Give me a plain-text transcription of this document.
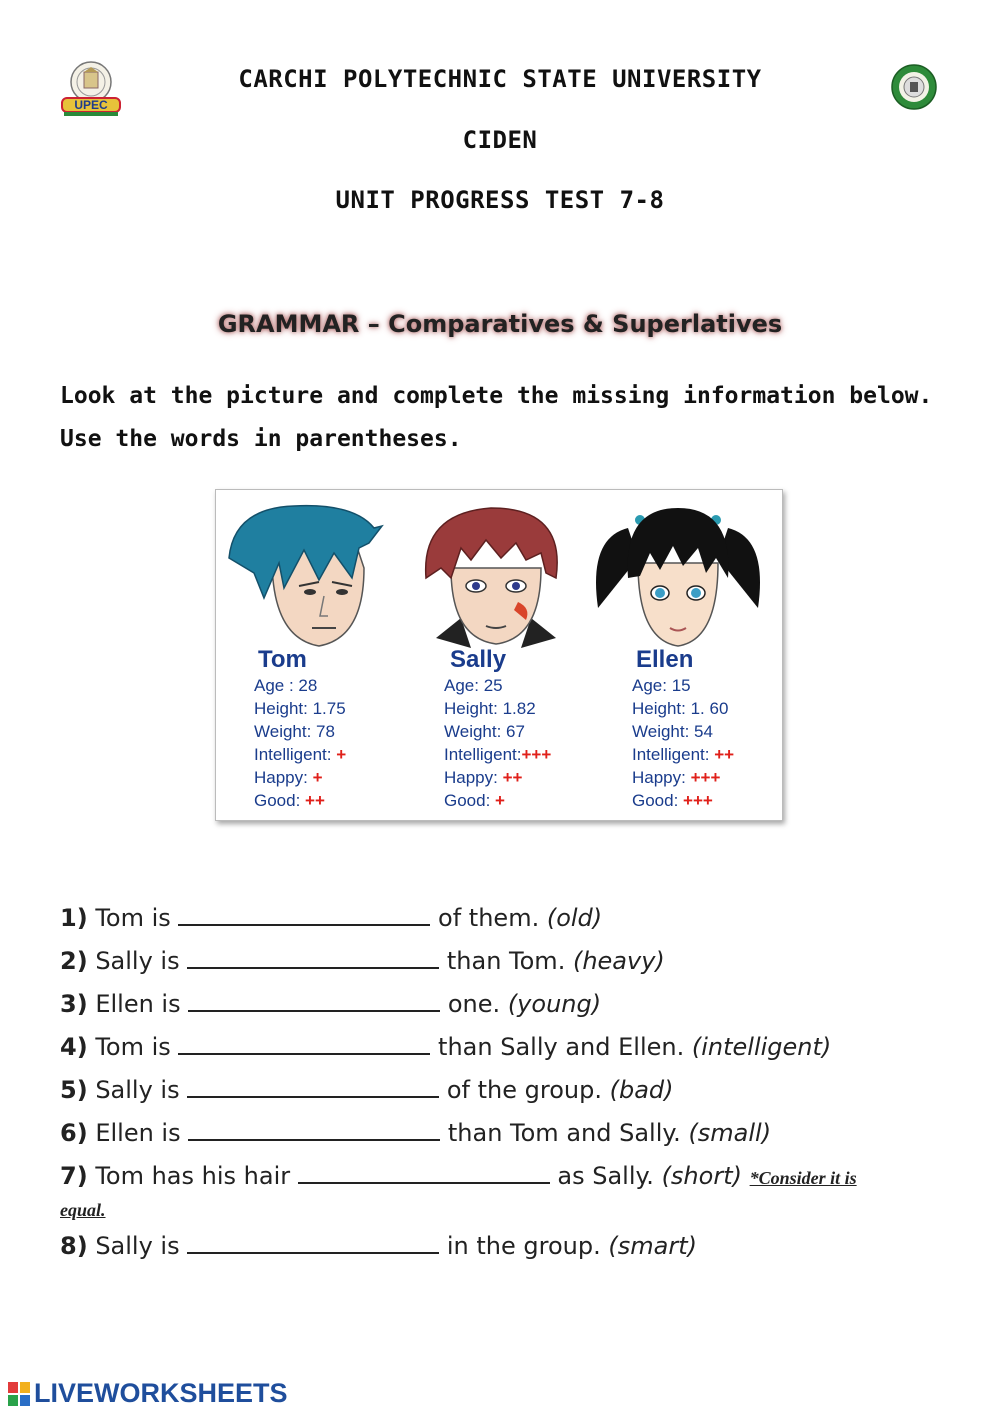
UPEC
CARCHI POLYTECHNIC STATE UNIVERSITY
CIDEN
UNIT PROGRESS TEST 7-8
GRAMMAR – Comparatives & Superlatives
Look at the picture and complete the missing information below.
Use the words in parentheses.
Tom
Age : 28
Height: 1.75
Weight: 78
Intelligent: +
Happy: +
Good: ++
Sally
Age: 25
Height: 1.82
Weight: 67
Intelligent:+++
Happy: ++
Good: +
Ellen
Age: 15
Height: 1. 60
Weight: 54
Intelligent: ++
Happy: +++
Good: +++
1) Tom is	of them. (old)
2) Sally is	than Tom. (heavy)
3) Ellen is	one. (young)
4) Tom is	than Sally and Ellen. (intelligent)
5) Sally is	of the group. (bad)
6) Ellen is	than Tom and Sally. (small)
7) Tom has his hair	as Sally. (short) *Consider it is
equal.
8) Sally is	in the group. (smart)
LIVEWORKSHEETS
